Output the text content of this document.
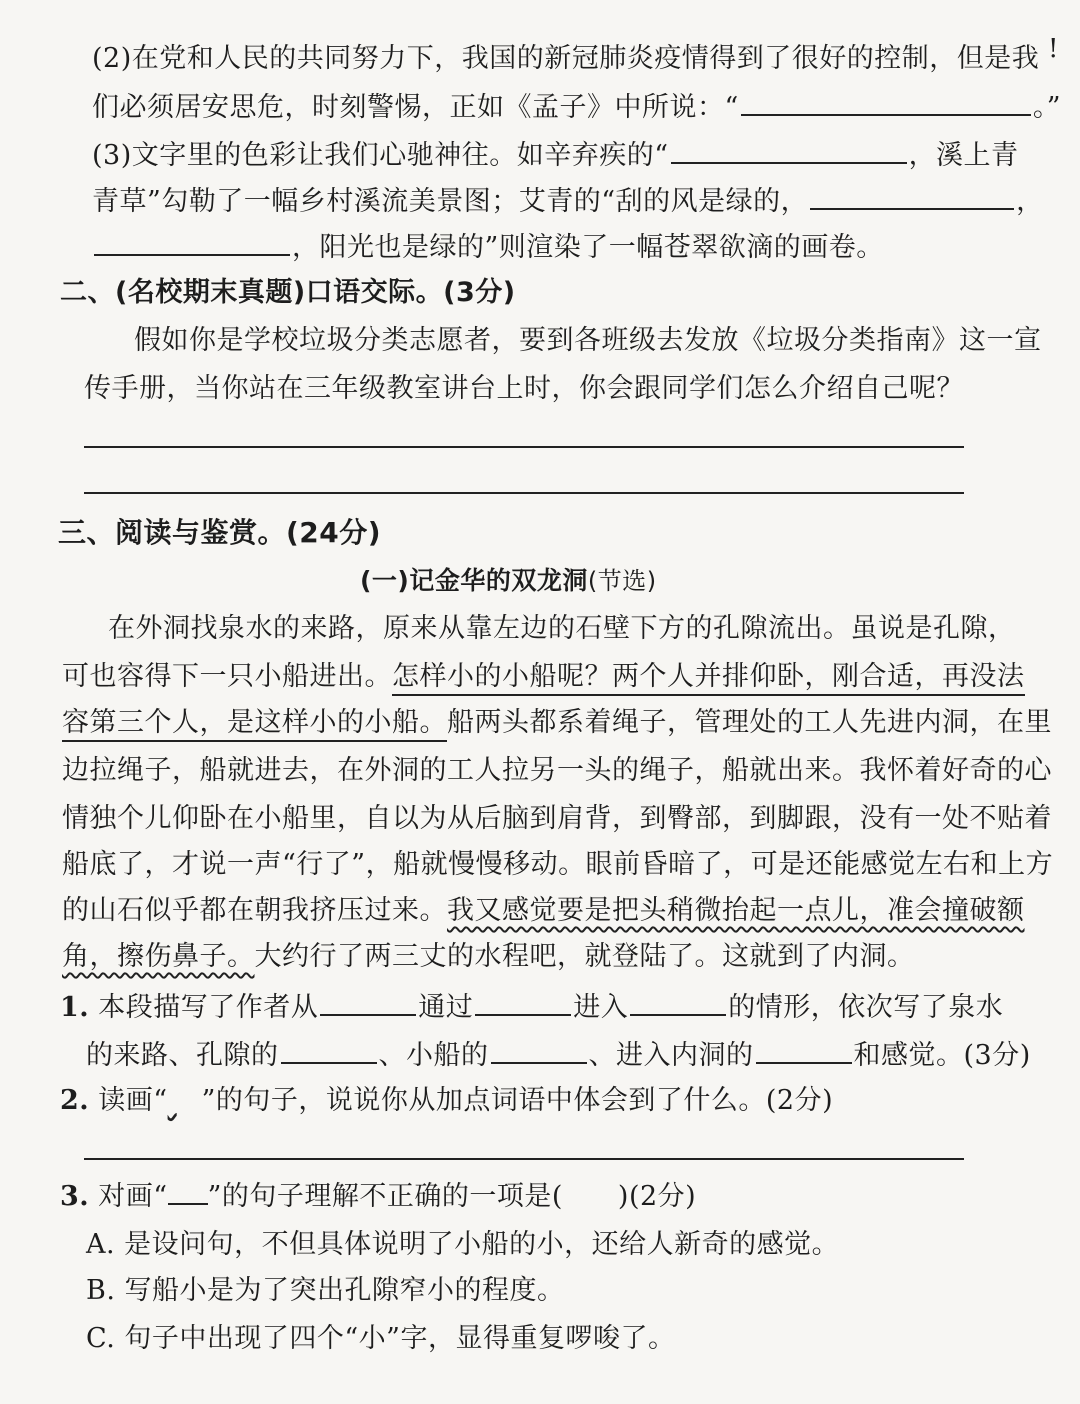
!
(2)在党和人民的共同努力下，我国的新冠肺炎疫情得到了很好的控制，但是我
们必须居安思危，时刻警惕，正如《孟子》中所说：“	。”
(3)文字里的色彩让我们心驰神往。如辛弃疾的“	，溪上青
青草”勾勒了一幅乡村溪流美景图；艾青的“刮的风是绿的，	，
，阳光也是绿的”则渲染了一幅苍翠欲滴的画卷。
二、(名校期末真题)口语交际。(3分)
假如你是学校垃圾分类志愿者，要到各班级去发放《垃圾分类指南》这一宣
传手册，当你站在三年级教室讲台上时，你会跟同学们怎么介绍自己呢？
三、阅读与鉴赏。(24分)
(一)记金华的双龙洞(节选)
在外洞找泉水的来路，原来从靠左边的石壁下方的孔隙流出。虽说是孔隙，
可也容得下一只小船进出。怎样小的小船呢？两个人并排仰卧，刚合适，再没法
容第三个人，是这样小的小船。船两头都系着绳子，管理处的工人先进内洞，在里
边拉绳子，船就进去，在外洞的工人拉另一头的绳子，船就出来。我怀着好奇的心
情独个儿仰卧在小船里，自以为从后脑到肩背，到臀部，到脚跟，没有一处不贴着
船底了，才说一声“行了”，船就慢慢移动。眼前昏暗了，可是还能感觉左右和上方
的山石似乎都在朝我挤压过来。我又感觉要是把头稍微抬起一点儿，准会撞破额
角，擦伤鼻子。大约行了两三丈的水程吧，就登陆了。这就到了内洞。
1. 本段描写了作者从	通过	进入	的情形，依次写了泉水
的来路、孔隙的	、小船的	、进入内洞的	和感觉。(3分)
2. 读画“ ”的句子，说说你从加点词语中体会到了什么。(2分)
3. 对画“ ”的句子理解不正确的一项是(　　)(2分)
A. 是设问句，不但具体说明了小船的小，还给人新奇的感觉。
B. 写船小是为了突出孔隙窄小的程度。
C. 句子中出现了四个“小”字，显得重复啰唆了。
